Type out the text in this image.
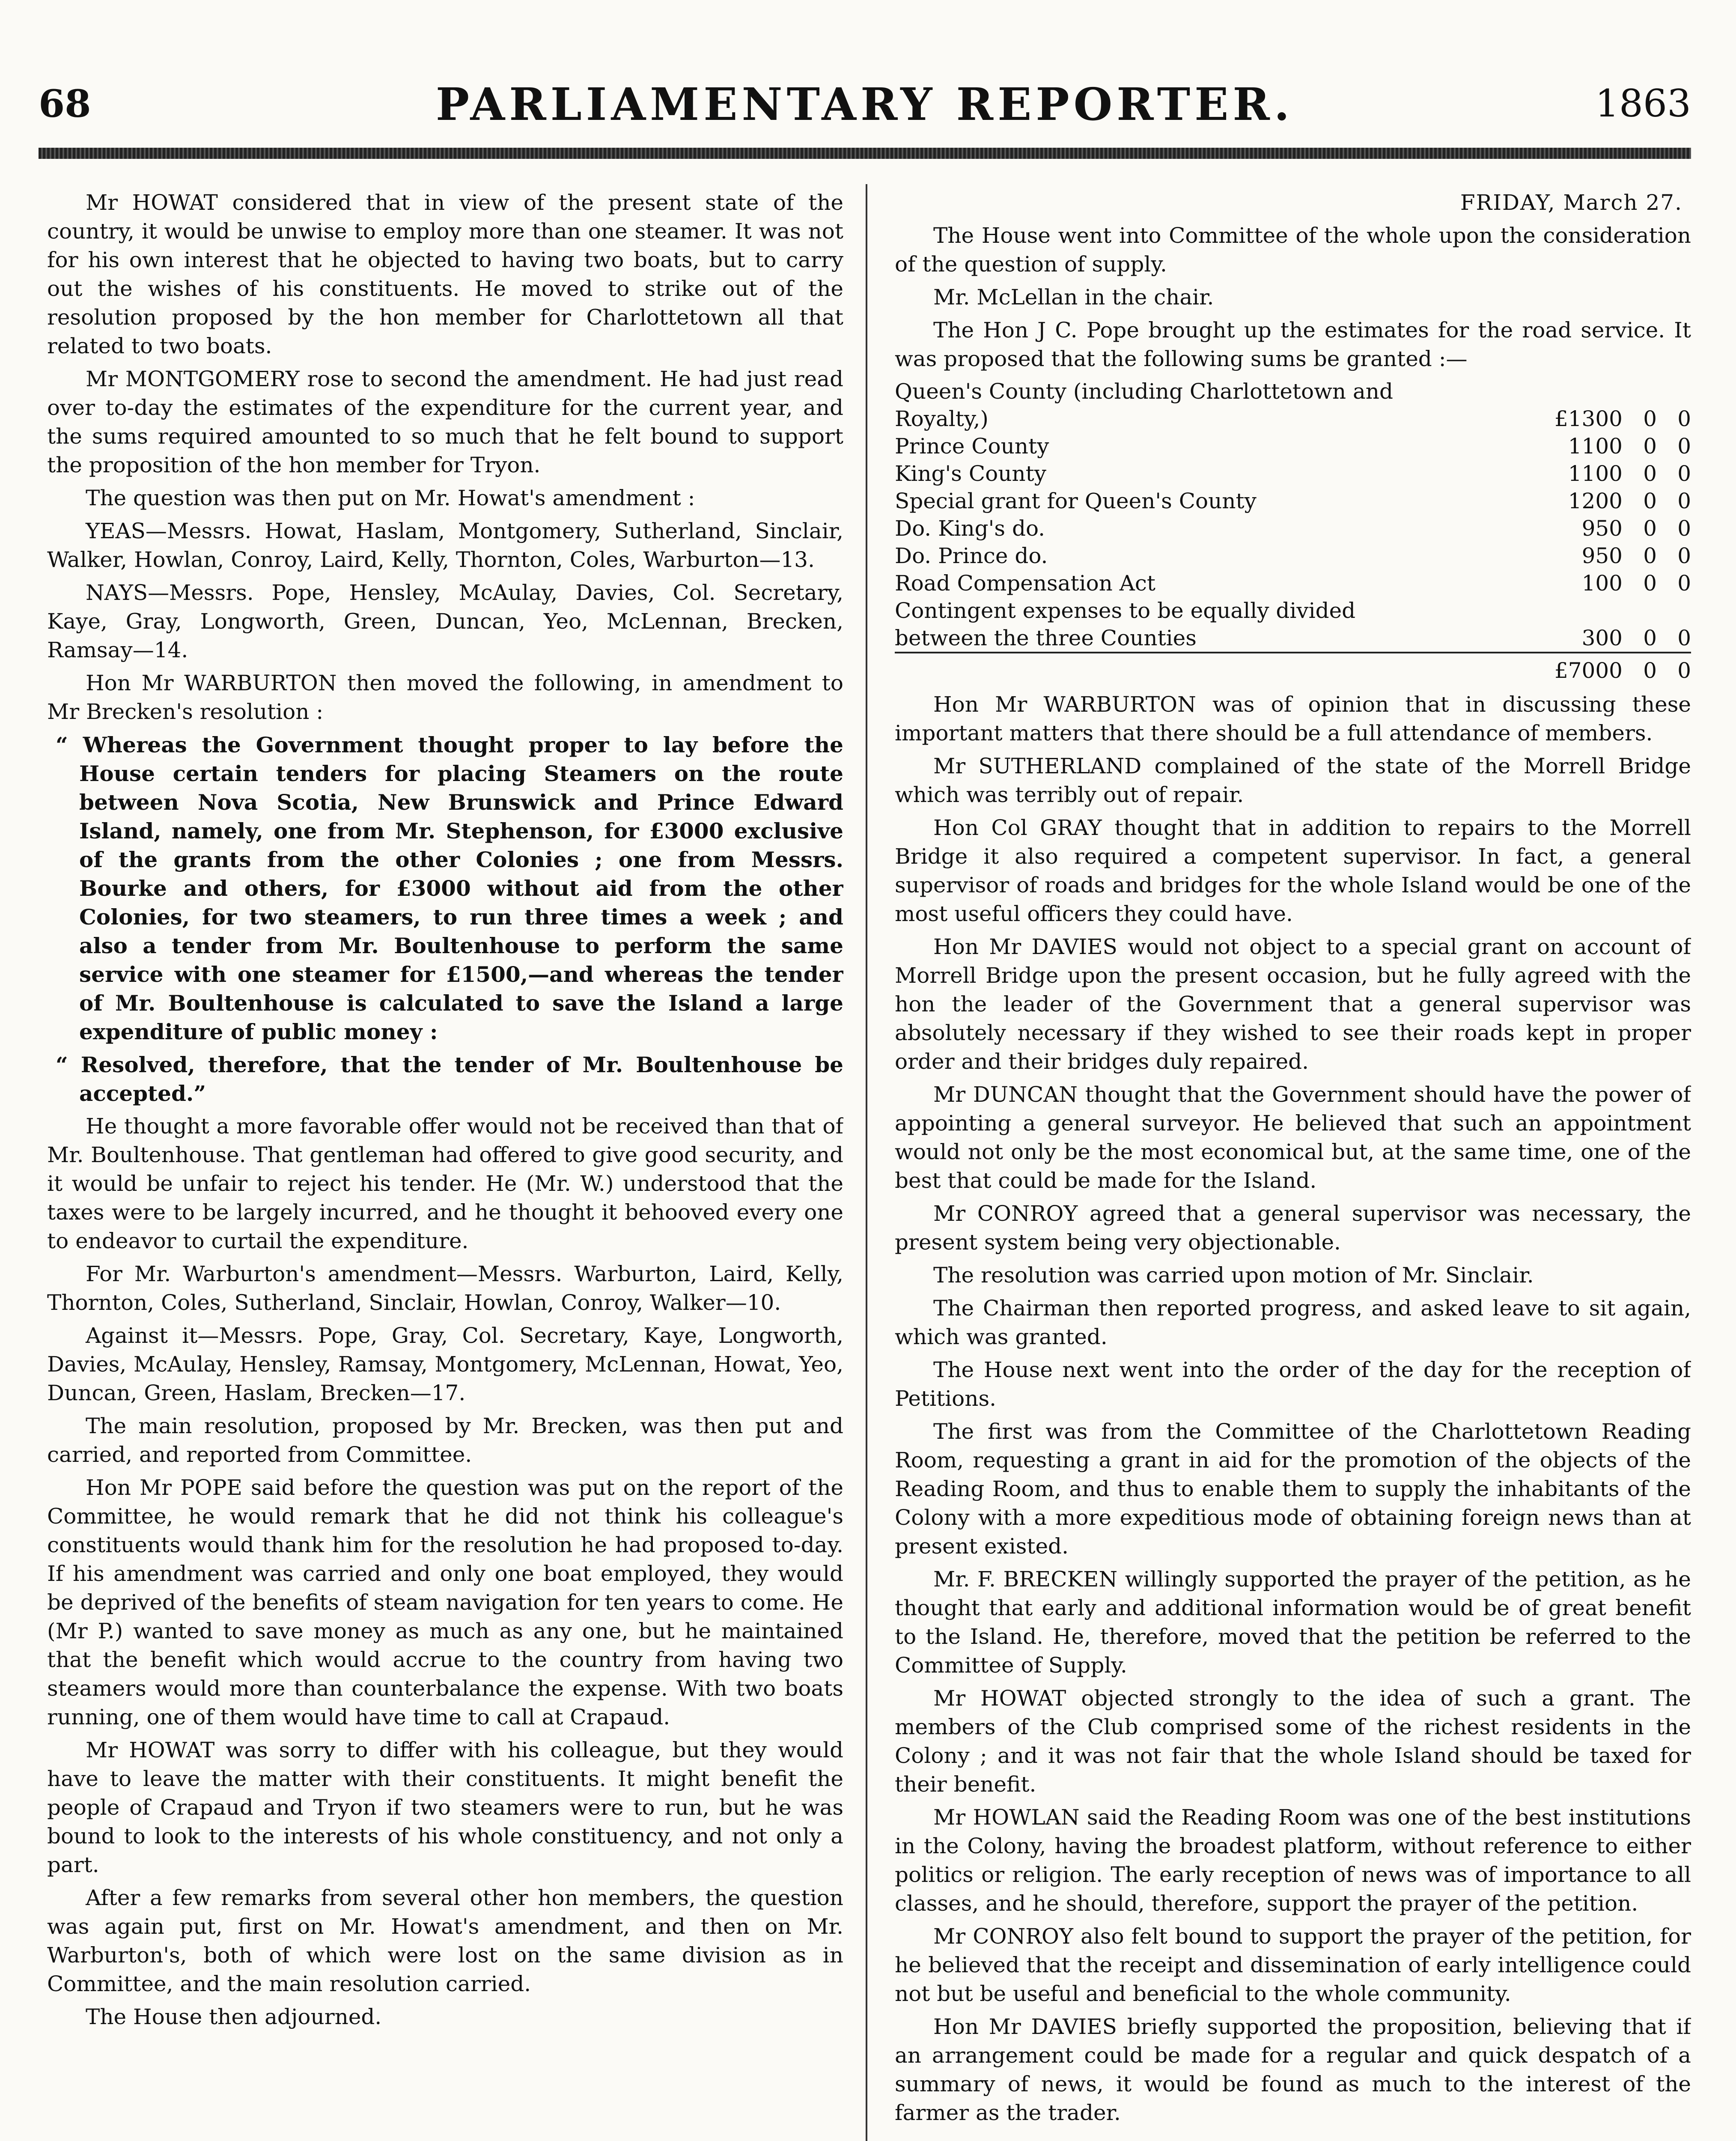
68	PARLIAMENTARY REPORTER.	1863

Mr HOWAT considered that in view of the present state of the country, it would be unwise to employ more than one steamer. It was not for his own interest that he objected to having two boats, but to carry out the wishes of his constituents. He moved to strike out of the resolution proposed by the hon member for Charlottetown all that related to two boats.

Mr MONTGOMERY rose to second the amendment. He had just read over to-day the estimates of the expenditure for the current year, and the sums required amounted to so much that he felt bound to support the proposition of the hon member for Tryon.

The question was then put on Mr. Howat's amendment :

YEAS—Messrs. Howat, Haslam, Montgomery, Sutherland, Sinclair, Walker, Howlan, Conroy, Laird, Kelly, Thornton, Coles, Warburton—13.

NAYS—Messrs. Pope, Hensley, McAulay, Davies, Col. Secretary, Kaye, Gray, Longworth, Green, Duncan, Yeo, McLennan, Brecken, Ramsay—14.

Hon Mr WARBURTON then moved the following, in amendment to Mr Brecken's resolution :

“ Whereas the Government thought proper to lay before the House certain tenders for placing Steamers on the route between Nova Scotia, New Brunswick and Prince Edward Island, namely, one from Mr. Stephenson, for £3000 exclusive of the grants from the other Colonies ; one from Messrs. Bourke and others, for £3000 without aid from the other Colonies, for two steamers, to run three times a week ; and also a tender from Mr. Boultenhouse to perform the same service with one steamer for £1500,—and whereas the tender of Mr. Boultenhouse is calculated to save the Island a large expenditure of public money :

“ Resolved, therefore, that the tender of Mr. Boultenhouse be accepted.”

He thought a more favorable offer would not be received than that of Mr. Boultenhouse. That gentleman had offered to give good security, and it would be unfair to reject his tender. He (Mr. W.) understood that the taxes were to be largely incurred, and he thought it behooved every one to endeavor to curtail the expenditure.

For Mr. Warburton's amendment—Messrs. Warburton, Laird, Kelly, Thornton, Coles, Sutherland, Sinclair, Howlan, Conroy, Walker—10.

Against it—Messrs. Pope, Gray, Col. Secretary, Kaye, Longworth, Davies, McAulay, Hensley, Ramsay, Montgomery, McLennan, Howat, Yeo, Duncan, Green, Haslam, Brecken—17.

The main resolution, proposed by Mr. Brecken, was then put and carried, and reported from Committee.

Hon Mr POPE said before the question was put on the report of the Committee, he would remark that he did not think his colleague's constituents would thank him for the resolution he had proposed to-day. If his amendment was carried and only one boat employed, they would be deprived of the benefits of steam navigation for ten years to come. He (Mr P.) wanted to save money as much as any one, but he maintained that the benefit which would accrue to the country from having two steamers would more than counterbalance the expense. With two boats running, one of them would have time to call at Crapaud.

Mr HOWAT was sorry to differ with his colleague, but they would have to leave the matter with their constituents. It might benefit the people of Crapaud and Tryon if two steamers were to run, but he was bound to look to the interests of his whole constituency, and not only a part.

After a few remarks from several other hon members, the question was again put, first on Mr. Howat's amendment, and then on Mr. Warburton's, both of which were lost on the same division as in Committee, and the main resolution carried.

The House then adjourned.

FRIDAY, March 27.

The House went into Committee of the whole upon the consideration of the question of supply.

Mr. McLellan in the chair.

The Hon J C. Pope brought up the estimates for the road service. It was proposed that the following sums be granted :—

Queen's County (including Charlottetown and			
Royalty,)	£1300	0	0
Prince County	1100	0	0
King's County	1100	0	0
Special grant for Queen's County	1200	0	0
Do. King's do.	950	0	0
Do. Prince do.	950	0	0
Road Compensation Act	100	0	0
Contingent expenses to be equally divided			
between the three Counties	300	0	0
	£7000	0	0

Hon Mr WARBURTON was of opinion that in discussing these important matters that there should be a full attendance of members.

Mr SUTHERLAND complained of the state of the Morrell Bridge which was terribly out of repair.

Hon Col GRAY thought that in addition to repairs to the Morrell Bridge it also required a competent supervisor. In fact, a general supervisor of roads and bridges for the whole Island would be one of the most useful officers they could have.

Hon Mr DAVIES would not object to a special grant on account of Morrell Bridge upon the present occasion, but he fully agreed with the hon the leader of the Government that a general supervisor was absolutely necessary if they wished to see their roads kept in proper order and their bridges duly repaired.

Mr DUNCAN thought that the Government should have the power of appointing a general surveyor. He believed that such an appointment would not only be the most economical but, at the same time, one of the best that could be made for the Island.

Mr CONROY agreed that a general supervisor was necessary, the present system being very objectionable.

The resolution was carried upon motion of Mr. Sinclair.

The Chairman then reported progress, and asked leave to sit again, which was granted.

The House next went into the order of the day for the reception of Petitions.

The first was from the Committee of the Charlottetown Reading Room, requesting a grant in aid for the promotion of the objects of the Reading Room, and thus to enable them to supply the inhabitants of the Colony with a more expeditious mode of obtaining foreign news than at present existed.

Mr. F. BRECKEN willingly supported the prayer of the petition, as he thought that early and additional information would be of great benefit to the Island. He, therefore, moved that the petition be referred to the Committee of Supply.

Mr HOWAT objected strongly to the idea of such a grant. The members of the Club comprised some of the richest residents in the Colony ; and it was not fair that the whole Island should be taxed for their benefit.

Mr HOWLAN said the Reading Room was one of the best institutions in the Colony, having the broadest platform, without reference to either politics or religion. The early reception of news was of importance to all classes, and he should, therefore, support the prayer of the petition.

Mr CONROY also felt bound to support the prayer of the petition, for he believed that the receipt and dissemination of early intelligence could not but be useful and beneficial to the whole community.

Hon Mr DAVIES briefly supported the proposition, believing that if an arrangement could be made for a regular and quick despatch of a summary of news, it would be found as much to the interest of the farmer as the trader.
